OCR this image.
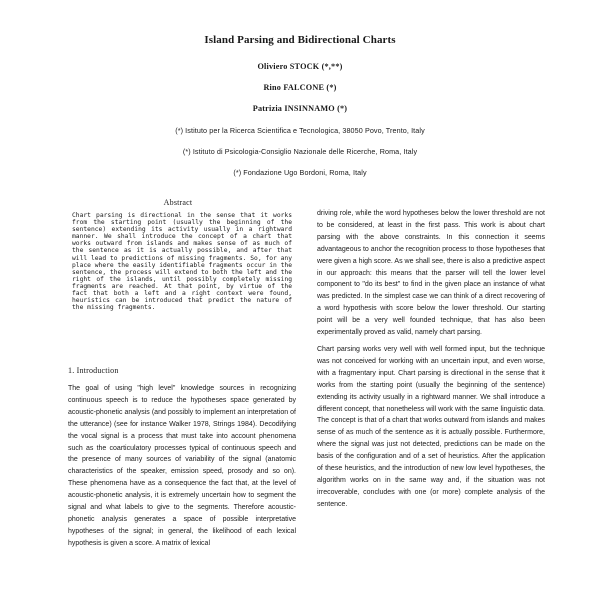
Island Parsing and Bidirectional Charts
Oliviero STOCK (*,**)
Rino FALCONE (*)
Patrizia INSINNAMO (*)
(*) Istituto per la Ricerca Scientifica e Tecnologica, 38050 Povo, Trento, Italy
(*) Istituto di Psicologia-Consiglio Nazionale delle Ricerche, Roma, Italy
(*) Fondazione Ugo Bordoni, Roma, Italy
Abstract
Chart parsing is directional in the sense that it works from the starting point (usually the beginning of the sentence) extending its activity usually in a rightward manner. We shall introduce the concept of a chart that works outward from islands and makes sense of as much of the sentence as it is actually possible, and after that will lead to predictions of missing fragments. So, for any place where the easily identifiable fragments occur in the sentence, the process will extend to both the left and the right of the islands, until possibly completely missing fragments are reached. At that point, by virtue of the fact that both a left and a right context were found, heuristics can be introduced that predict the nature of the missing fragments.
1. Introduction

The goal of using "high level" knowledge sources in recognizing continuous speech is to reduce the hypotheses space generated by acoustic-phonetic analysis (and possibly to implement an interpretation of the utterance) (see for instance Walker 1978, Strings 1984). Decodifying the vocal signal is a process that must take into account phenomena such as the coarticulatory processes typical of continuous speech and the presence of many sources of variability of the signal (anatomic characteristics of the speaker, emission speed, prosody and so on). These phenomena have as a consequence the fact that, at the level of acoustic-phonetic analysis, it is extremely uncertain how to segment the signal and what labels to give to the segments. Therefore acoustic-phonetic analysis generates a space of possible interpretative hypotheses of the signal; in general, the likelihood of each lexical hypothesis is given a score. A matrix of lexical

driving role, while the word hypotheses below the lower threshold are not to be considered, at least in the first pass. This work is about chart parsing with the above constraints. In this connection it seems advantageous to anchor the recognition process to those hypotheses that were given a high score. As we shall see, there is also a predictive aspect in our approach: this means that the parser will tell the lower level component to "do its best" to find in the given place an instance of what was predicted. In the simplest case we can think of a direct recovering of a word hypothesis with score below the lower threshold. Our starting point will be a very well founded technique, that has also been experimentally proved as valid, namely chart parsing.

Chart parsing works very well with well formed input, but the technique was not conceived for working with an uncertain input, and even worse, with a fragmentary input. Chart parsing is directional in the sense that it works from the starting point (usually the beginning of the sentence) extending its activity usually in a rightward manner. We shall introduce a different concept, that nonetheless will work with the same linguistic data. The concept is that of a chart that works outward from islands and makes sense of as much of the sentence as it is actually possible. Furthermore, where the signal was just not detected, predictions can be made on the basis of the configuration and of a set of heuristics. After the application of these heuristics, and the introduction of new low level hypotheses, the algorithm works on in the same way and, if the situation was not irrecoverable, concludes with one (or more) complete analysis of the sentence.
